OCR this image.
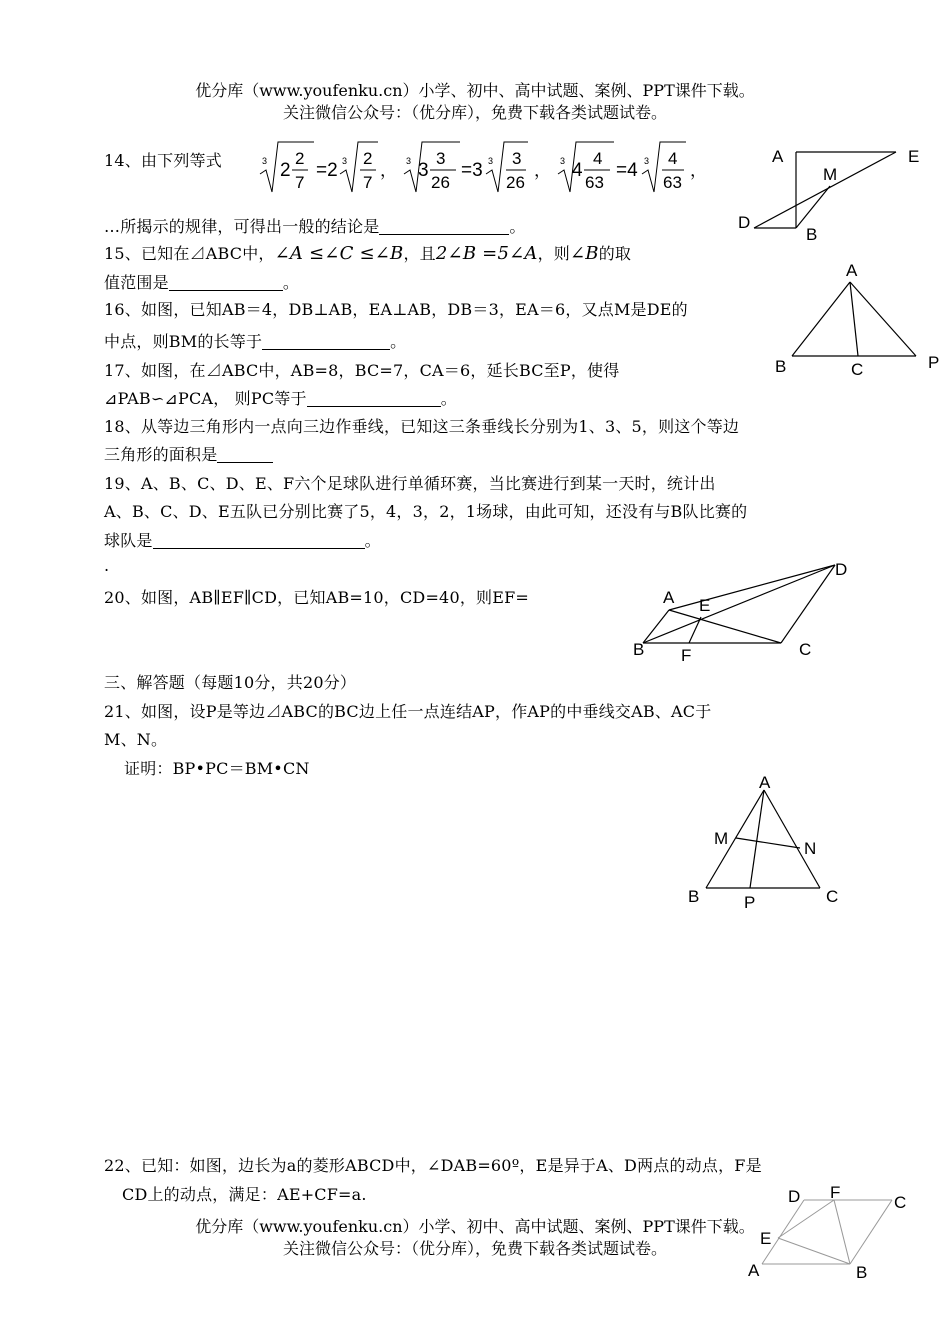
优分库（www.youfenku.cn）小学、初中、高中试题、案例、PPT课件下载。
关注微信公众号：（优分库），免费下载各类试题试卷。
14、由下列等式	3 2
2
7
=2 3 2
7
， 3 3
3
26
=3 3 3
26
， 3 4
4
63
=4 3 4
63
，
…所揭示的规律，可得出一般的结论是	。
A	E
M
D
B
15、已知在⊿ABC中，∠A ≤∠C ≤∠B，且2∠B =5∠A，则∠B的取
值范围是	。
A
B	C	P
16、如图，已知AB＝4，DB⊥AB，EA⊥AB，DB＝3，EA＝6，又点M是DE的
中点，则BM的长等于	。
17、如图，在⊿ABC中，AB=8，BC=7，CA＝6，延长BC至P，使得
⊿PAB∽⊿PCA， 则PC等于	。
18、从等边三角形内一点向三边作垂线，已知这三条垂线长分别为1、3、5，则这个等边
三角形的面积是
19、A、B、C、D、E、F六个足球队进行单循环赛，当比赛进行到某一天时，统计出
A、B、C、D、E五队已分别比赛了5，4，3，2，1场球，由此可知，还没有与B队比赛的
球队是	。
.
20、如图，AB∥EF∥CD，已知AB=10，CD=40，则EF=	A E
D
B F	C
三、解答题（每题10分，共20分）
21、如图，设P是等边⊿ABC的BC边上任一点连结AP，作AP的中垂线交AB、AC于
M、N。
证明：BP•PC＝BM•CN
A
M
N
B	P	C
22、已知：如图，边长为a的菱形ABCD中，∠DAB=60º，E是异于A、D两点的动点，F是
CD上的动点，满足：AE+CF=a.	D F
C
E
A	B
优分库（www.youfenku.cn）小学、初中、高中试题、案例、PPT课件下载。
关注微信公众号：（优分库），免费下载各类试题试卷。
